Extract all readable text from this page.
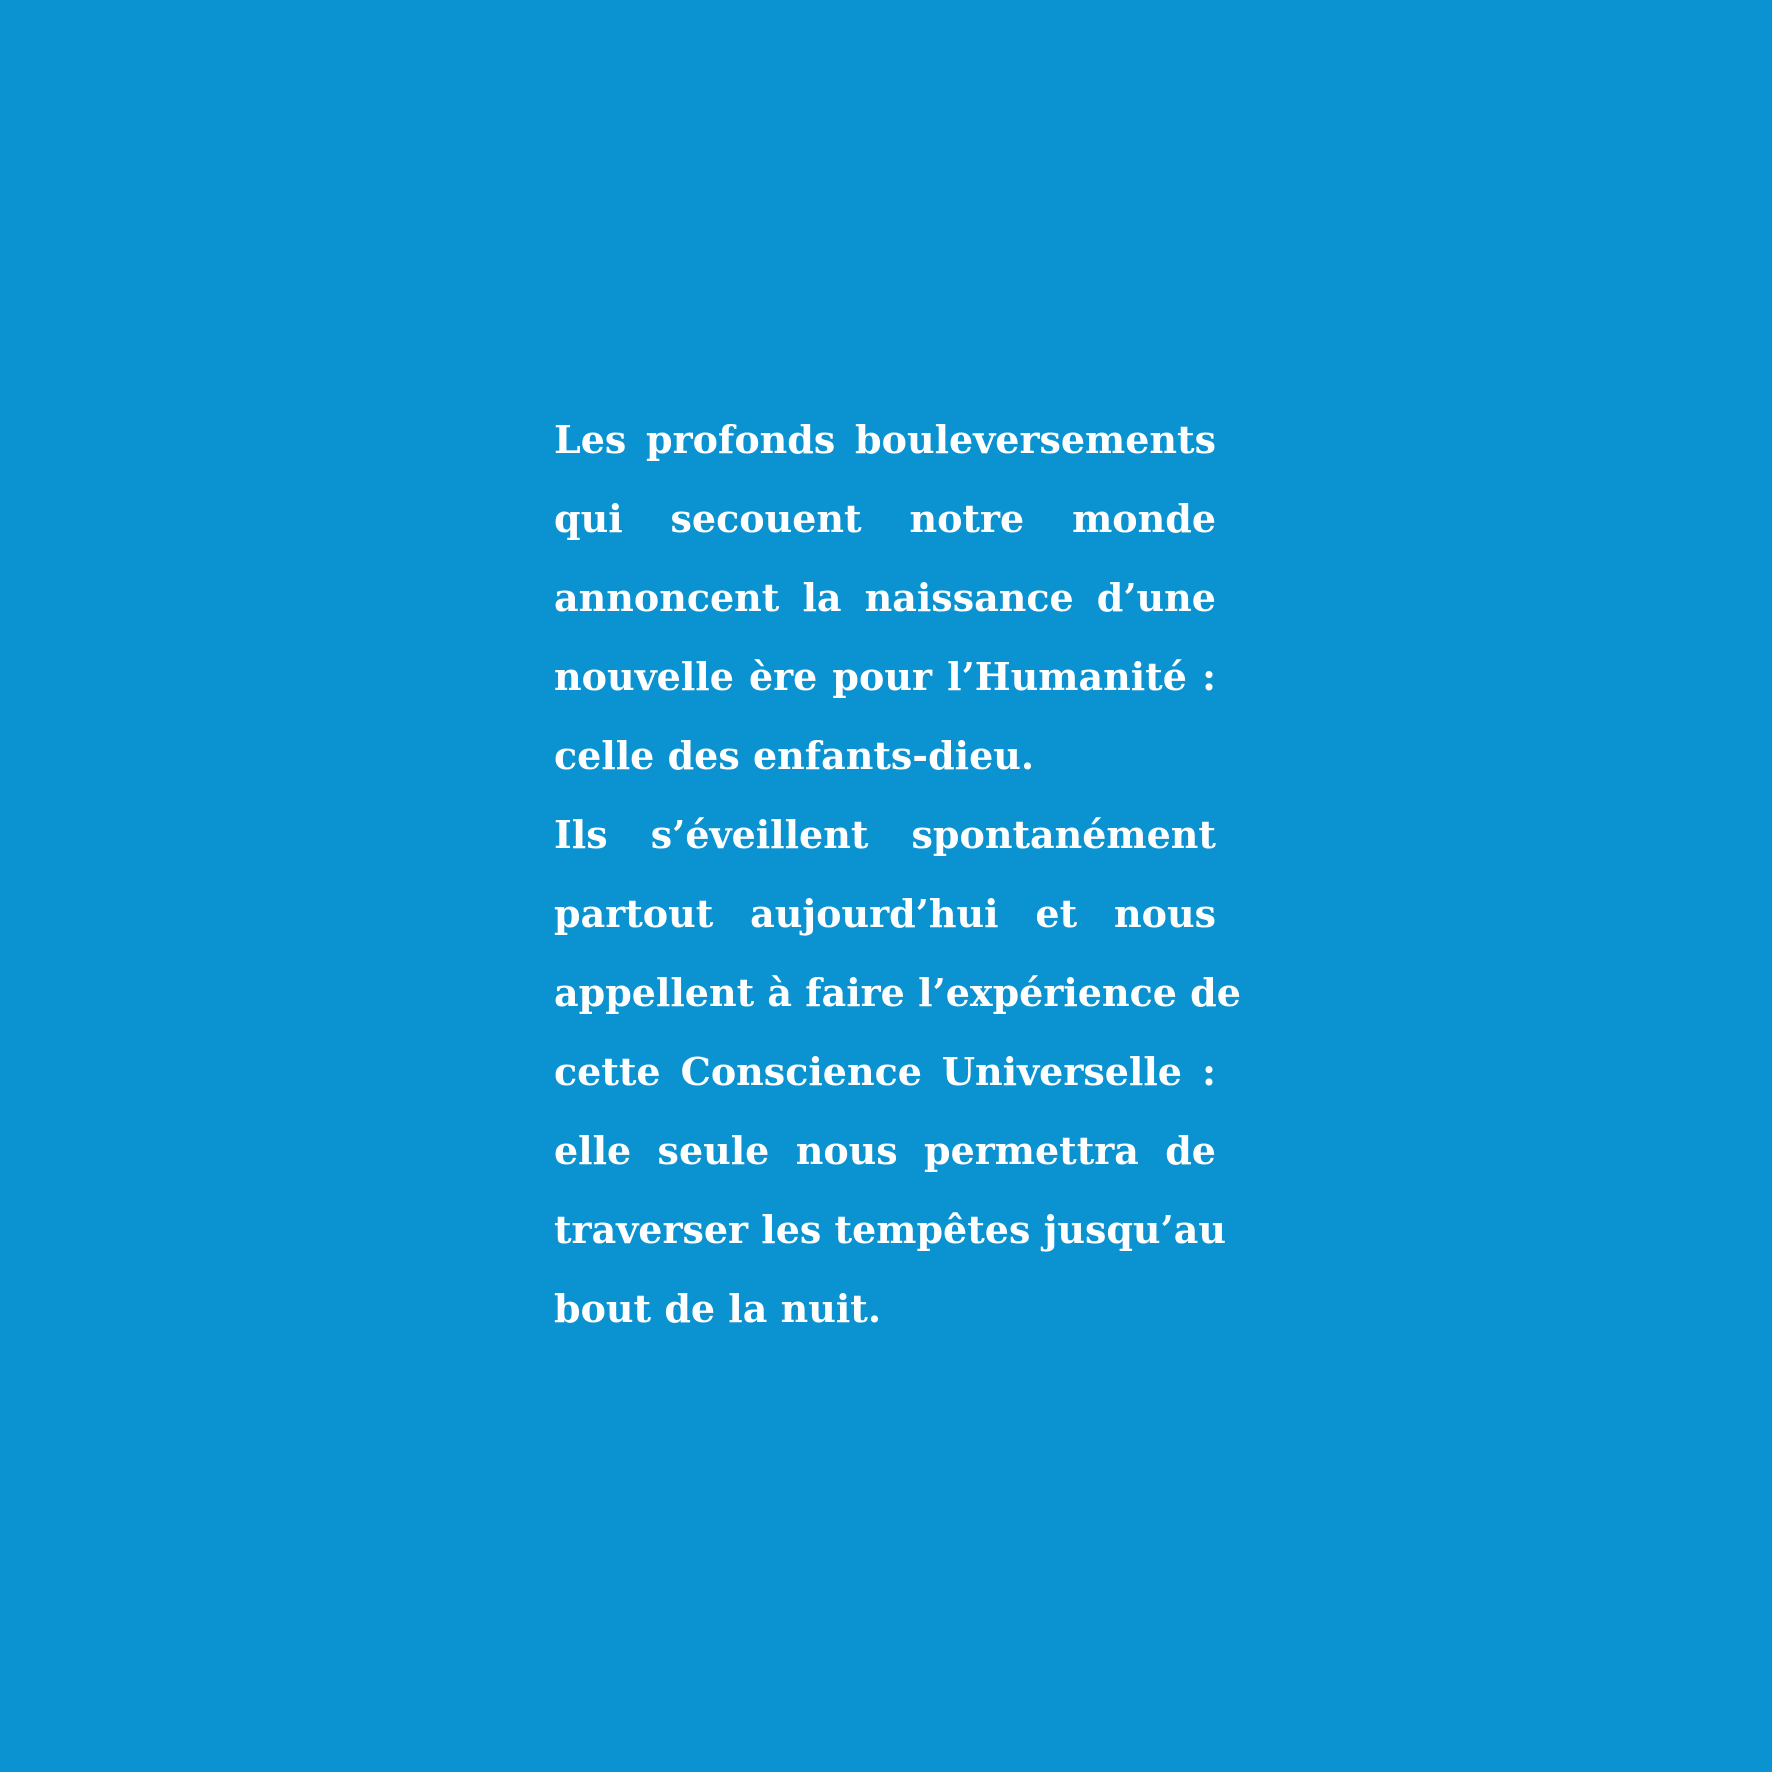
Les profonds bouleversements
qui secouent notre monde
annoncent la naissance d’une
nouvelle ère pour l’Humanité :
celle des enfants-dieu.
Ils s’éveillent spontanément
partout aujourd’hui et nous
appellent à faire l’expérience de
cette Conscience Universelle :
elle seule nous permettra de
traverser les tempêtes jusqu’au
bout de la nuit.
